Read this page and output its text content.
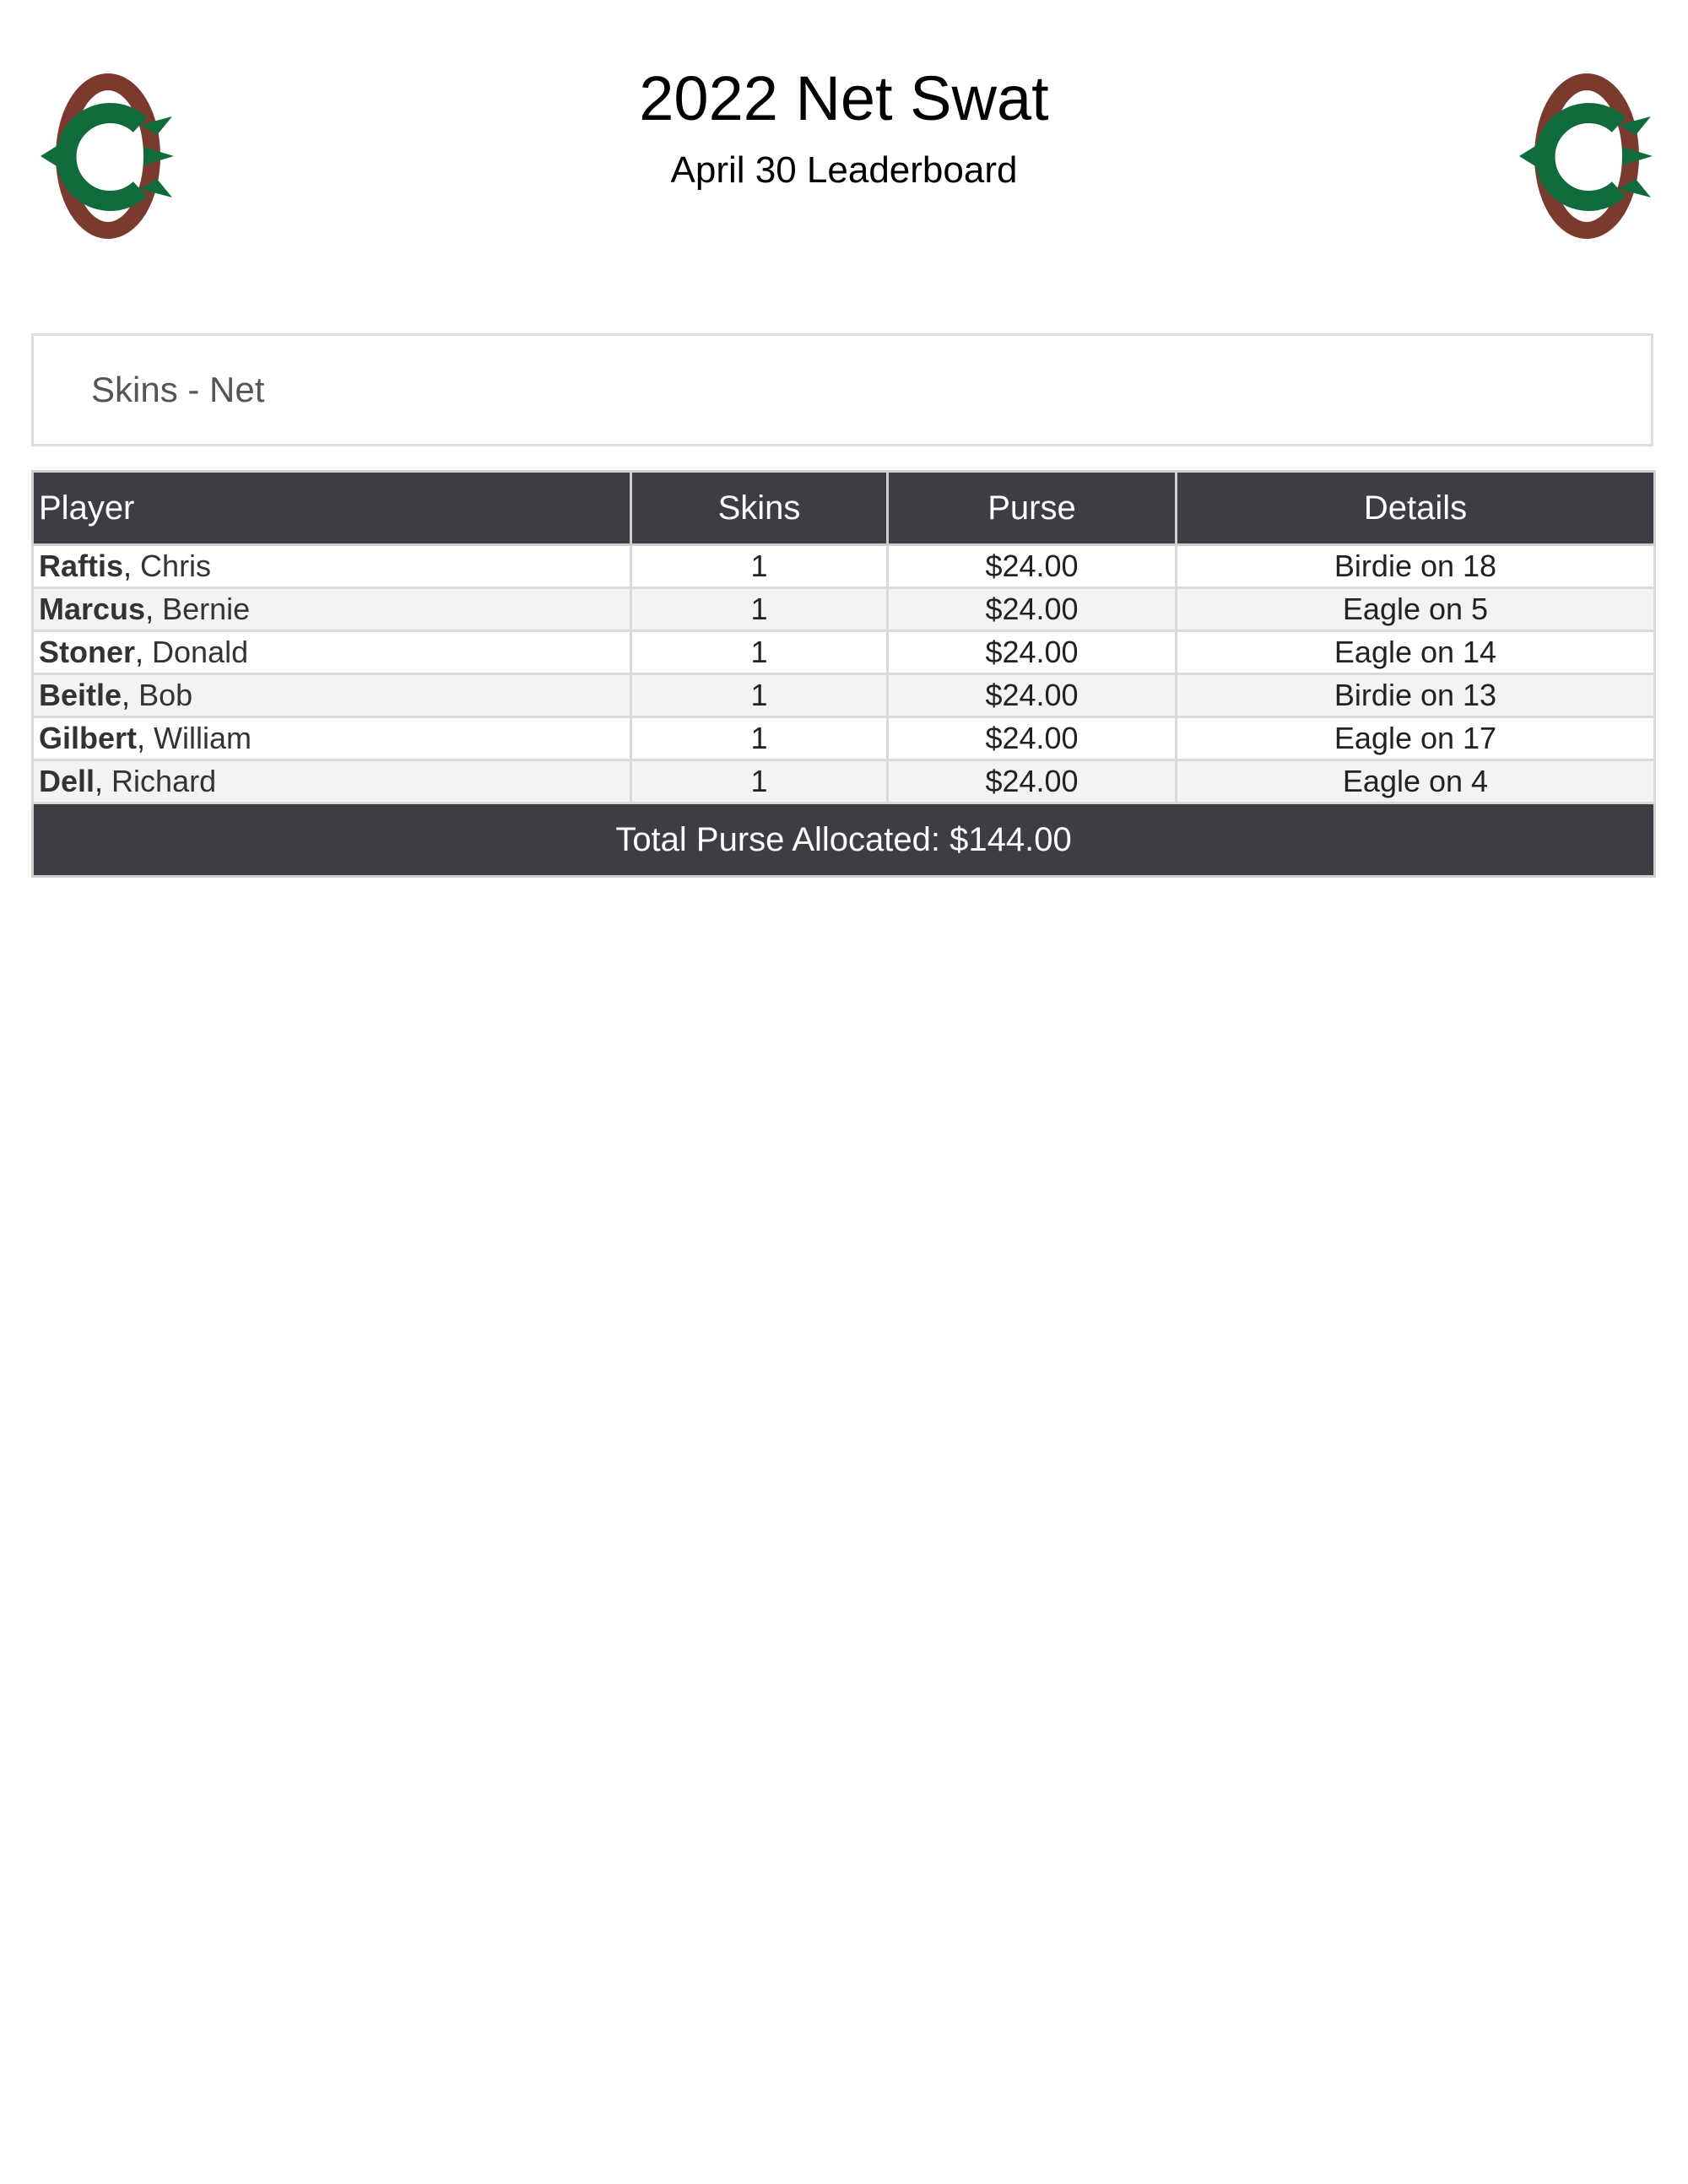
2022 Net Swat
April 30 Leaderboard
Skins - Net
Player	Skins	Purse	Details
Raftis, Chris	1	$24.00	Birdie on 18
Marcus, Bernie	1	$24.00	Eagle on 5
Stoner, Donald	1	$24.00	Eagle on 14
Beitle, Bob	1	$24.00	Birdie on 13
Gilbert, William	1	$24.00	Eagle on 17
Dell, Richard	1	$24.00	Eagle on 4
Total Purse Allocated: $144.00			
